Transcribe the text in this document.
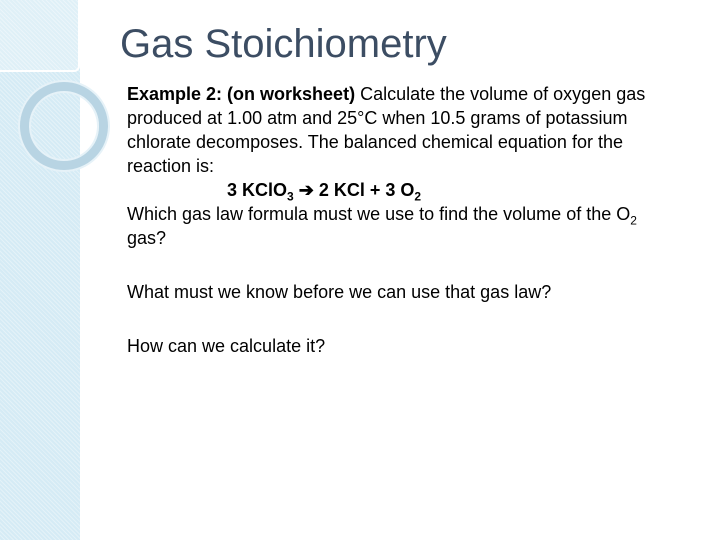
Gas Stoichiometry

Example 2: (on worksheet) Calculate the volume of oxygen gas produced at 1.00 atm and 25°C when 10.5 grams of potassium chlorate decomposes. The balanced chemical equation for the reaction is:

3 KClO$_3$ ➔ 2 KCl + 3 $O_2$

Which gas law formula must we use to find the volume of the $O_2$ gas?

What must we know before we can use that gas law?

How can we calculate it?
